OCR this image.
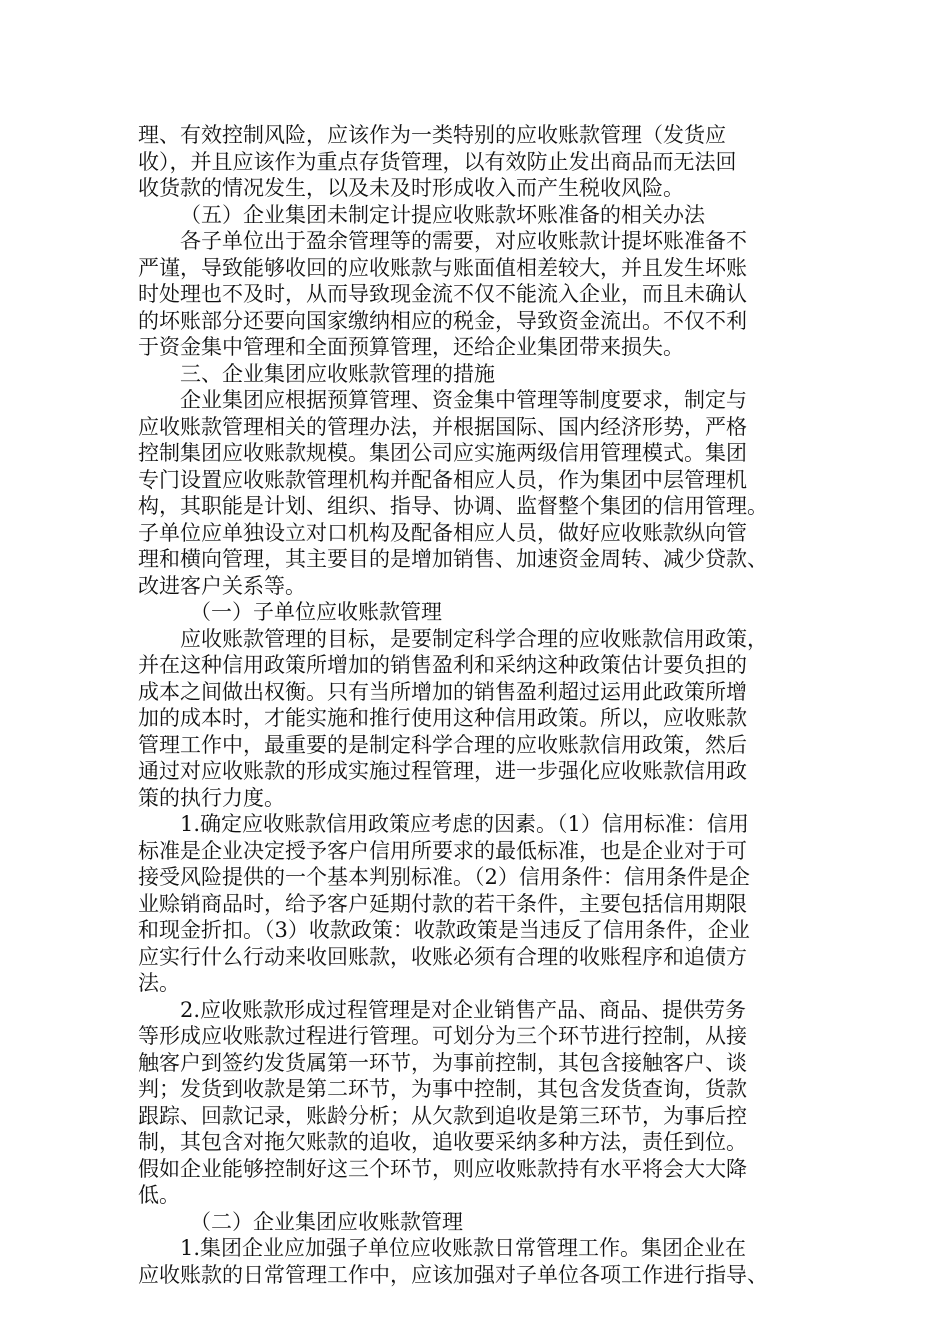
理、有效控制风险，应该作为一类特别的应收账款管理（发货应
收），并且应该作为重点存货管理，以有效防止发出商品而无法回
收货款的情况发生，以及未及时形成收入而产生税收风险。
（五）企业集团未制定计提应收账款坏账准备的相关办法
各子单位出于盈余管理等的需要，对应收账款计提坏账准备不
严谨，导致能够收回的应收账款与账面值相差较大，并且发生坏账
时处理也不及时，从而导致现金流不仅不能流入企业，而且未确认
的坏账部分还要向国家缴纳相应的税金，导致资金流出。不仅不利
于资金集中管理和全面预算管理，还给企业集团带来损失。
三、企业集团应收账款管理的措施
企业集团应根据预算管理、资金集中管理等制度要求，制定与
应收账款管理相关的管理办法，并根据国际、国内经济形势，严格
控制集团应收账款规模。集团公司应实施两级信用管理模式。集团
专门设置应收账款管理机构并配备相应人员，作为集团中层管理机
构，其职能是计划、组织、指导、协调、监督整个集团的信用管理。
子单位应单独设立对口机构及配备相应人员，做好应收账款纵向管
理和横向管理，其主要目的是增加销售、加速资金周转、减少贷款、
改进客户关系等。
（一）子单位应收账款管理
应收账款管理的目标，是要制定科学合理的应收账款信用政策，
并在这种信用政策所增加的销售盈利和采纳这种政策估计要负担的
成本之间做出权衡。只有当所增加的销售盈利超过运用此政策所增
加的成本时，才能实施和推行使用这种信用政策。所以，应收账款
管理工作中，最重要的是制定科学合理的应收账款信用政策，然后
通过对应收账款的形成实施过程管理，进一步强化应收账款信用政
策的执行力度。
1.确定应收账款信用政策应考虑的因素。（1）信用标准：信用
标准是企业决定授予客户信用所要求的最低标准，也是企业对于可
接受风险提供的一个基本判别标准。（2）信用条件：信用条件是企
业赊销商品时，给予客户延期付款的若干条件，主要包括信用期限
和现金折扣。（3）收款政策：收款政策是当违反了信用条件，企业
应实行什么行动来收回账款，收账必须有合理的收账程序和追债方
法。
2.应收账款形成过程管理是对企业销售产品、商品、提供劳务
等形成应收账款过程进行管理。可划分为三个环节进行控制，从接
触客户到签约发货属第一环节，为事前控制，其包含接触客户、谈
判；发货到收款是第二环节，为事中控制，其包含发货查询，货款
跟踪、回款记录，账龄分析；从欠款到追收是第三环节，为事后控
制，其包含对拖欠账款的追收，追收要采纳多种方法，责任到位。
假如企业能够控制好这三个环节，则应收账款持有水平将会大大降
低。
（二）企业集团应收账款管理
1.集团企业应加强子单位应收账款日常管理工作。集团企业在
应收账款的日常管理工作中，应该加强对子单位各项工作进行指导、
